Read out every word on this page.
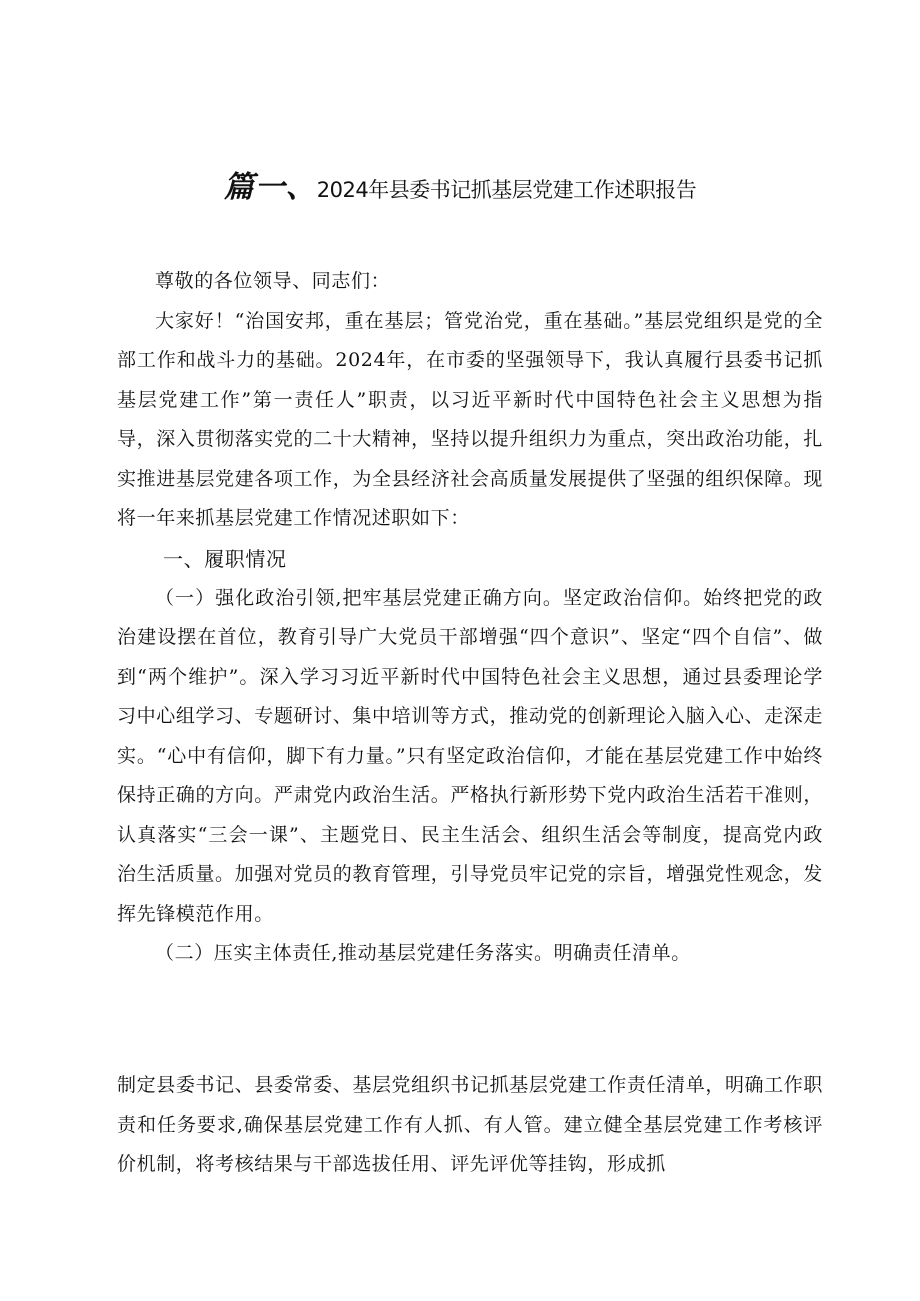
篇一、2024年县委书记抓基层党建工作述职报告

尊敬的各位领导、同志们：

大家好！“治国安邦，重在基层；管党治党，重在基础。”基层党组织是党的全部工作和战斗力的基础。2024年，在市委的坚强领导下，我认真履行县委书记抓基层党建工作”第一责任人”职责，以习近平新时代中国特色社会主义思想为指导，深入贯彻落实党的二十大精神，坚持以提升组织力为重点，突出政治功能，扎实推进基层党建各项工作，为全县经济社会高质量发展提供了坚强的组织保障。现将一年来抓基层党建工作情况述职如下：

一、履职情况

（一）强化政治引领,把牢基层党建正确方向。坚定政治信仰。始终把党的政治建设摆在首位，教育引导广大党员干部增强“四个意识”、坚定“四个自信”、做到“两个维护”。深入学习习近平新时代中国特色社会主义思想，通过县委理论学习中心组学习、专题研讨、集中培训等方式，推动党的创新理论入脑入心、走深走实。“心中有信仰，脚下有力量。”只有坚定政治信仰，才能在基层党建工作中始终保持正确的方向。严肃党内政治生活。严格执行新形势下党内政治生活若干准则，认真落实“三会一课”、主题党日、民主生活会、组织生活会等制度，提高党内政治生活质量。加强对党员的教育管理，引导党员牢记党的宗旨，增强党性观念，发挥先锋模范作用。

（二）压实主体责任,推动基层党建任务落实。明确责任清单。

制定县委书记、县委常委、基层党组织书记抓基层党建工作责任清单，明确工作职责和任务要求,确保基层党建工作有人抓、有人管。建立健全基层党建工作考核评价机制，将考核结果与干部选拔任用、评先评优等挂钩，形成抓
